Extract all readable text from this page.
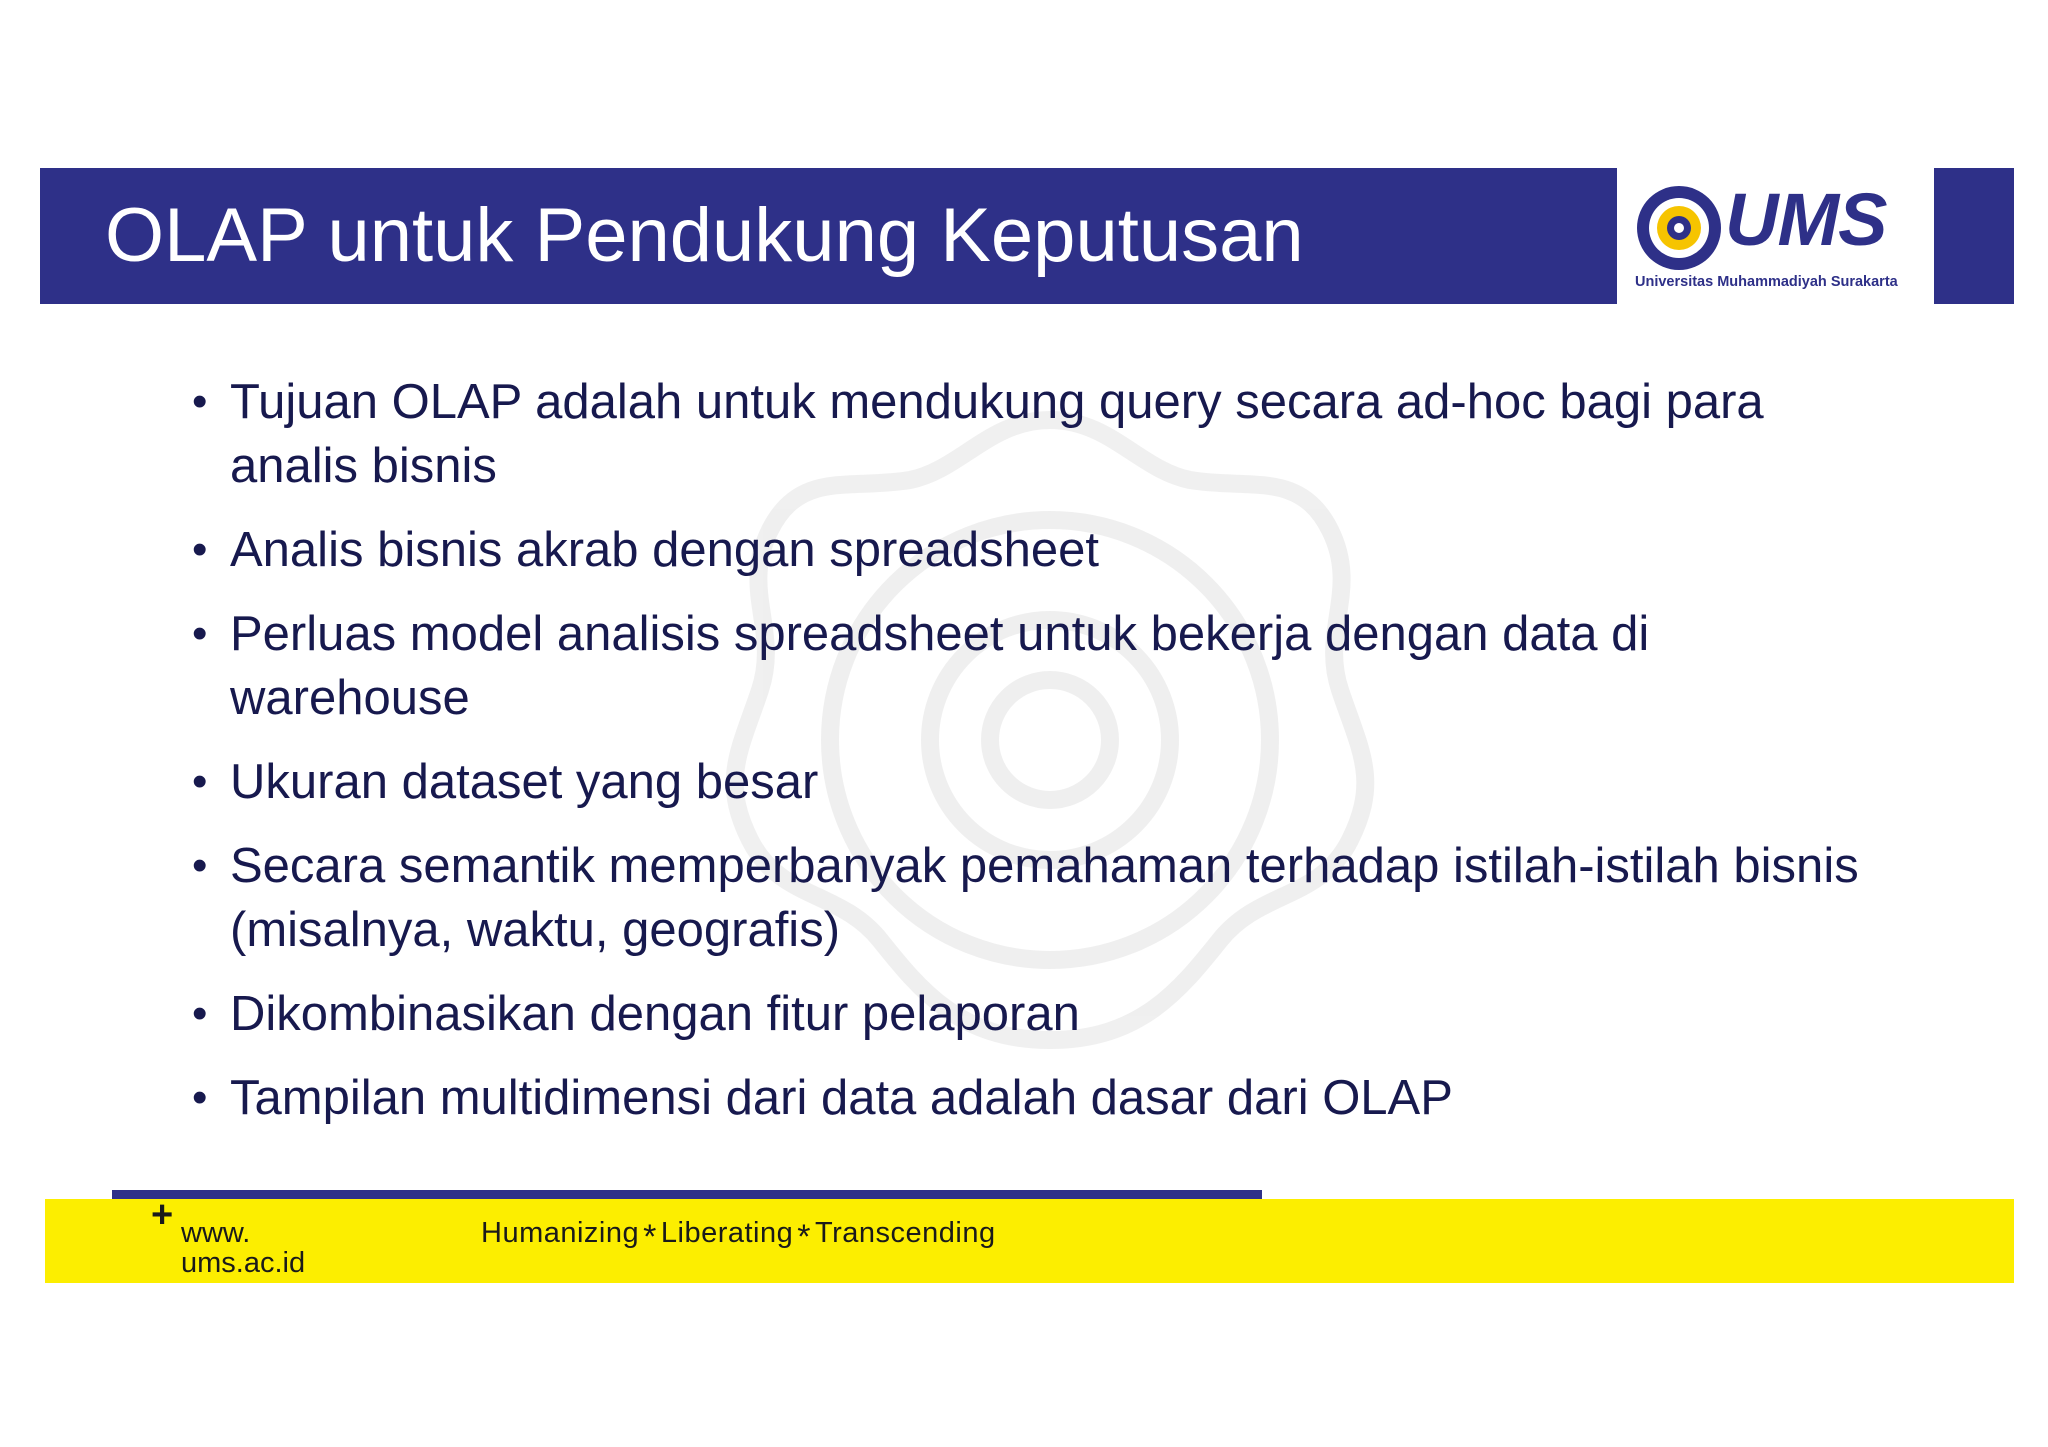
OLAP untuk Pendukung Keputusan	UMS
Universitas Muhammadiyah Surakarta
• Tujuan OLAP adalah untuk mendukung query secara ad-hoc bagi para analis bisnis
• Analis bisnis akrab dengan spreadsheet
• Perluas model analisis spreadsheet untuk bekerja dengan data di warehouse
• Ukuran dataset yang besar
• Secara semantik memperbanyak pemahaman terhadap istilah-istilah bisnis (misalnya, waktu, geografis)
• Dikombinasikan dengan fitur pelaporan
• Tampilan multidimensi dari data adalah dasar dari OLAP
+ www.
ums.ac.id
Humanizing * Liberating * Transcending
